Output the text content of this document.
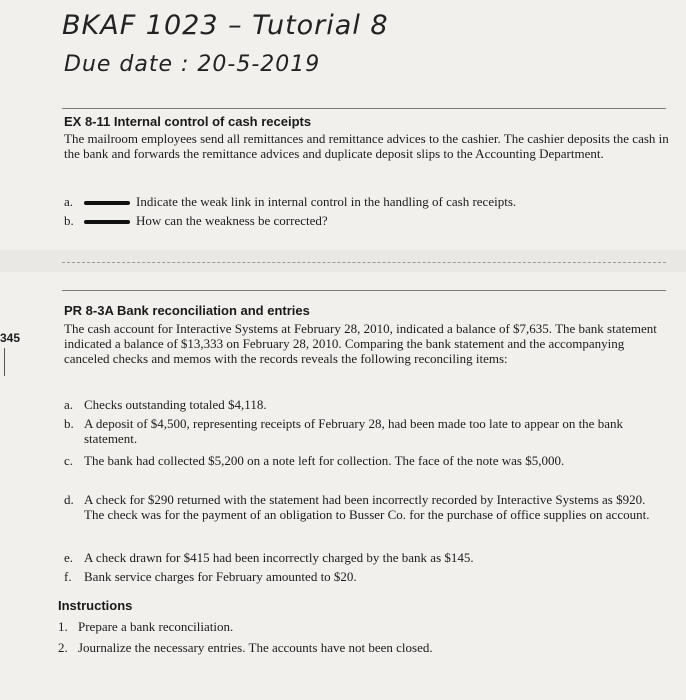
BKAF 1023 – Tutorial 8
Due date : 20-5-2019
EX 8-11 Internal control of cash receipts
The mailroom employees send all remittances and remittance advices to the cashier. The cashier deposits the cash in the bank and forwards the remittance advices and duplicate deposit slips to the Accounting Department.
a.	Indicate the weak link in internal control in the handling of cash receipts.
b.	How can the weakness be corrected?
PR 8-3A Bank reconciliation and entries
The cash account for Interactive Systems at February 28, 2010, indicated a balance of $7,635. The bank statement indicated a balance of $13,333 on February 28, 2010. Comparing the bank statement and the accompanying canceled checks and memos with the records reveals the following reconciling items:
345
a. Checks outstanding totaled $4,118.
b. A deposit of $4,500, representing receipts of February 28, had been made too late to appear on the bank statement.
c. The bank had collected $5,200 on a note left for collection. The face of the note was $5,000.
d. A check for $290 returned with the statement had been incorrectly recorded by Interactive Systems as $920. The check was for the payment of an obligation to Busser Co. for the purchase of office supplies on account.
e. A check drawn for $415 had been incorrectly charged by the bank as $145.
f. Bank service charges for February amounted to $20.
Instructions
1. Prepare a bank reconciliation.
2. Journalize the necessary entries. The accounts have not been closed.
